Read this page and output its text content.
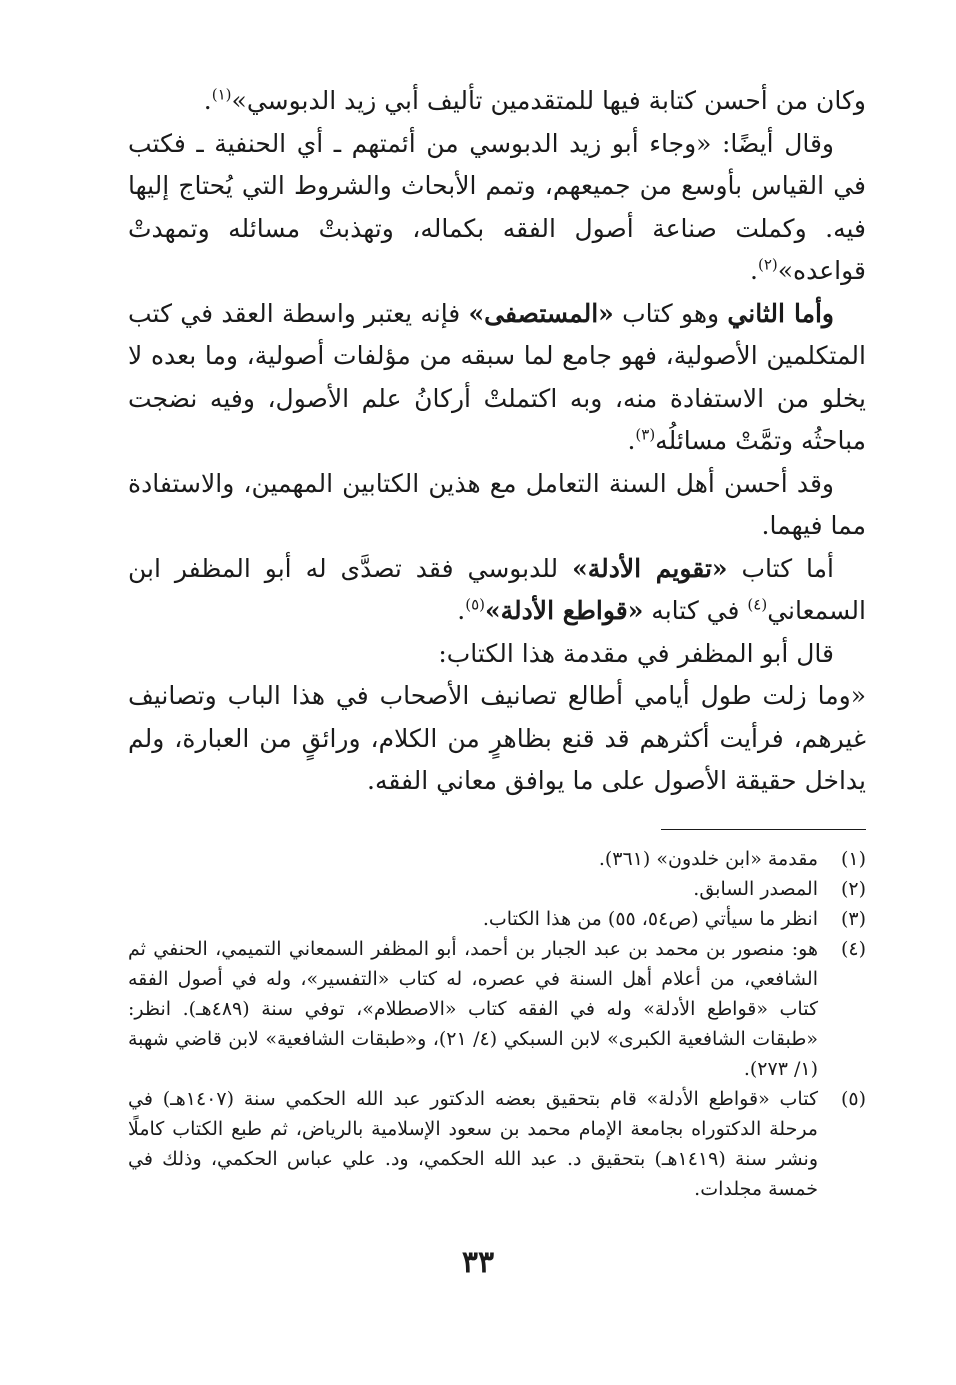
وكان من أحسن كتابة فيها للمتقدمين تأليف أبي زيد الدبوسي»$^{(١)}$.

وقال أيضًا: «وجاء أبو زيد الدبوسي من أئمتهم ـ أي الحنفية ـ فكتب في القياس بأوسع من جميعهم، وتمم الأبحاث والشروط التي يُحتاج إليها فيه. وكملت صناعة أصول الفقه بكماله، وتهذبتْ مسائله وتمهدتْ قواعده»$^{(٢)}$.

وأما الثاني وهو كتاب «المستصفى» فإنه يعتبر واسطة العقد في كتب المتكلمين الأصولية، فهو جامع لما سبقه من مؤلفات أصولية، وما بعده لا يخلو من الاستفادة منه، وبه اكتملتْ أركانُ علم الأصول، وفيه نضجت مباحثُه وتمَّتْ مسائلُه$^{(٣)}$.

وقد أحسن أهل السنة التعامل مع هذين الكتابين المهمين، والاستفادة مما فيهما.

أما كتاب «تقويم الأدلة» للدبوسي فقد تصدَّى له أبو المظفر ابن السمعاني$^{(٤)}$ في كتابه «قواطع الأدلة»$^{(٥)}$.

قال أبو المظفر في مقدمة هذا الكتاب:

«وما زلت طول أيامي أطالع تصانيف الأصحاب في هذا الباب وتصانيف غيرهم، فرأيت أكثرهم قد قنع بظاهرٍ من الكلام، ورائقٍ من العبارة، ولم يداخل حقيقة الأصول على ما يوافق معاني الفقه.

(١)
مقدمة «ابن خلدون» (٣٦١).
(٢)
المصدر السابق.
(٣)
انظر ما سيأتي (ص٥٤، ٥٥) من هذا الكتاب.
(٤)
هو: منصور بن محمد بن عبد الجبار بن أحمد، أبو المظفر السمعاني التميمي، الحنفي ثم الشافعي، من أعلام أهل السنة في عصره، له كتاب «التفسير»، وله في أصول الفقه كتاب «قواطع الأدلة» وله في الفقه كتاب «الاصطلام»، توفي سنة (٤٨٩هـ). انظر: «طبقات الشافعية الكبرى» لابن السبكي (٤/ ٢١)، و«طبقات الشافعية» لابن قاضي شهبة (١/ ٢٧٣).
(٥)
كتاب «قواطع الأدلة» قام بتحقيق بعضه الدكتور عبد الله الحكمي سنة (١٤٠٧هـ) في مرحلة الدكتوراه بجامعة الإمام محمد بن سعود الإسلامية بالرياض، ثم طبع الكتاب كاملًا ونشر سنة (١٤١٩هـ) بتحقيق د. عبد الله الحكمي، ود. علي عباس الحكمي، وذلك في خمسة مجلدات.
٣٣
